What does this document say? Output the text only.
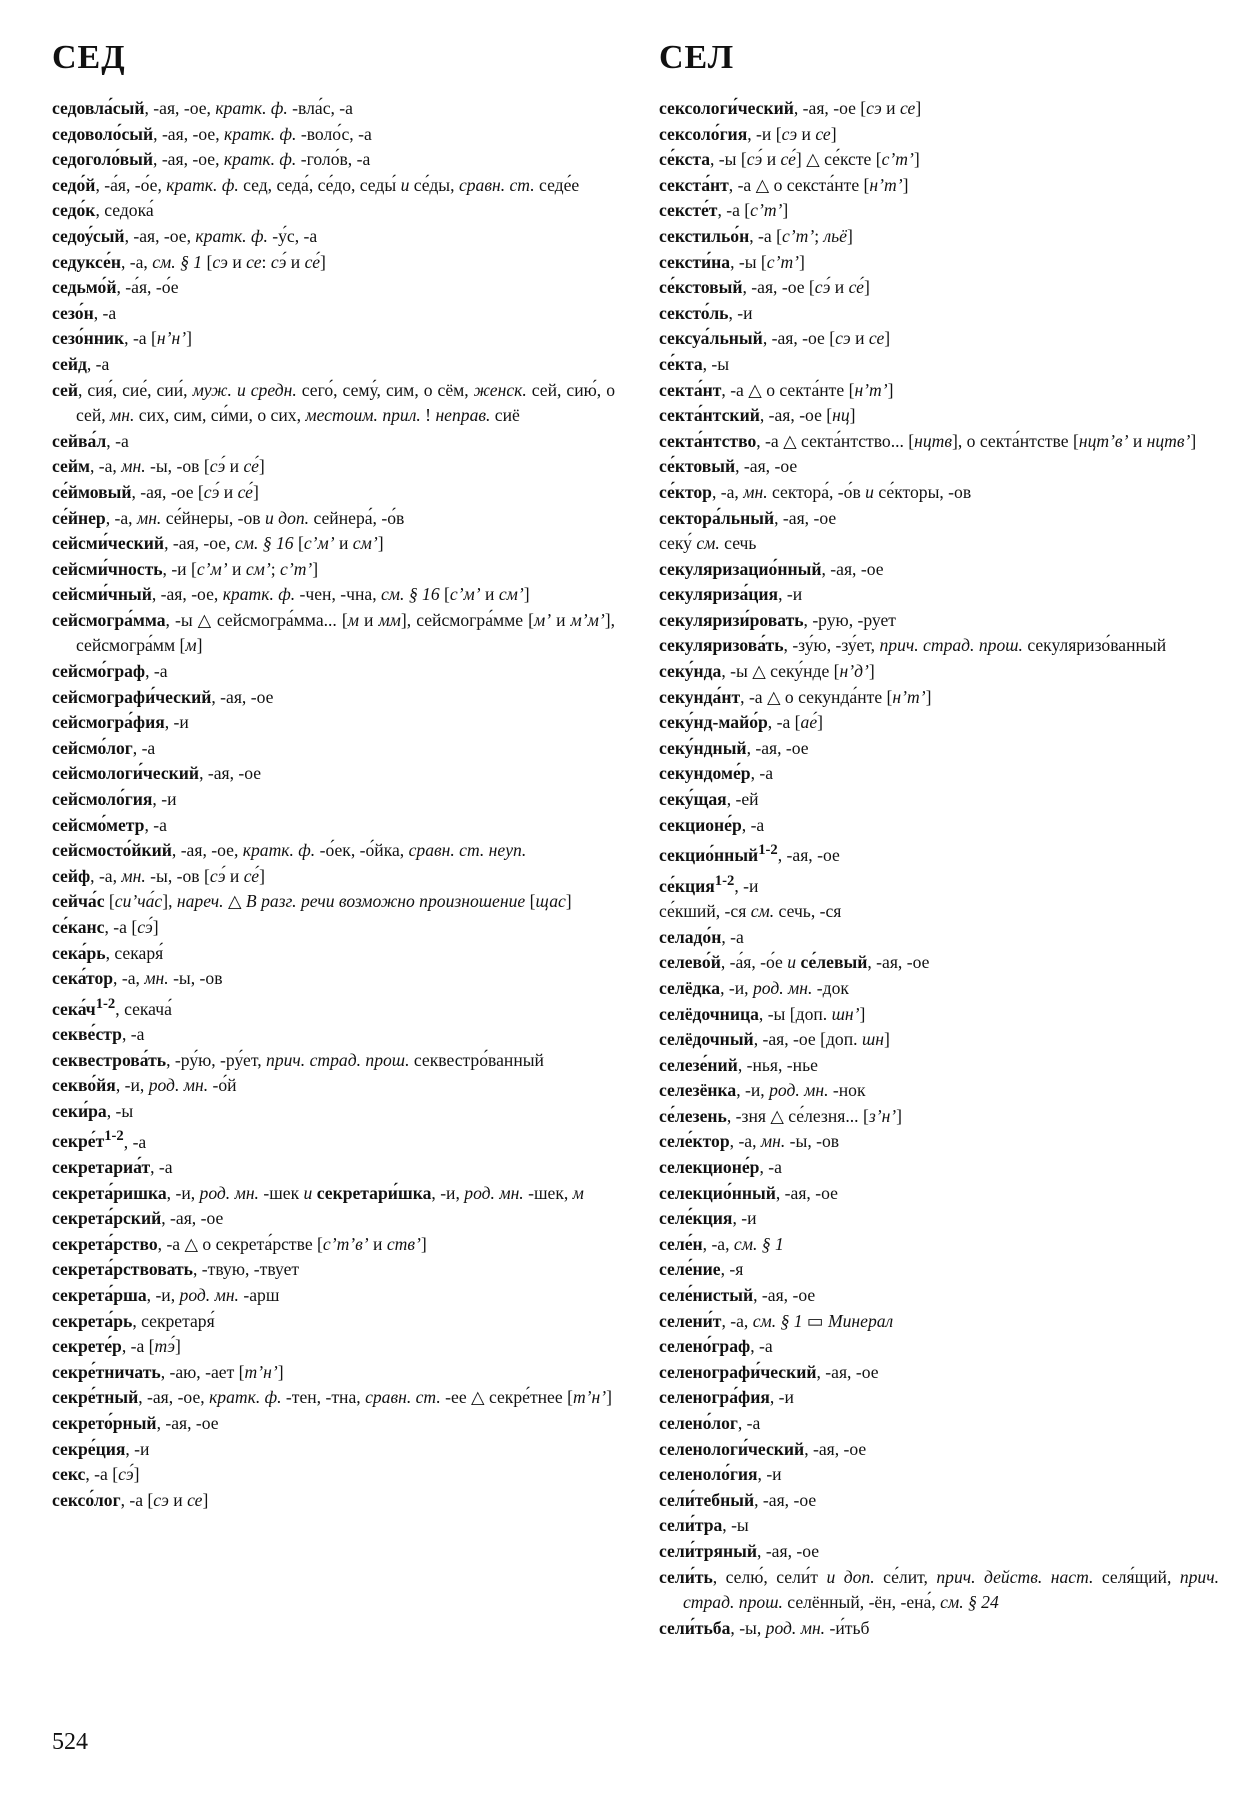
СЕД	СЕЛ

седовла́сый, -ая, -ое, кратк. ф. -вла́с, -а

седоволо́сый, -ая, -ое, кратк. ф. -воло́с, -а

седоголо́вый, -ая, -ое, кратк. ф. -голо́в, -а

седо́й, -а́я, -о́е, кратк. ф. сед, седа́, се́до, седы́ и се́ды, сравн. ст. седе́е

седо́к, седока́

седоу́сый, -ая, -ое, кратк. ф. -у́с, -а

седуксе́н, -а, см. § 1 [сэ и се: сэ́ и се́]

седьмо́й, -а́я, -о́е

сезо́н, -а

сезо́нник, -а [нʼнʼ]

сейд, -а

сей, сия́, сие́, сии́, муж. и средн. сего́, сему́, сим, о сём, женск. сей, сию́, о сей, мн. сих, сим, си́ми, о сих, местоим. прил. ! неправ. сиё

сейва́л, -а

сейм, -а, мн. -ы, -ов [сэ́ и се́]

се́ймовый, -ая, -ое [сэ́ и се́]

се́йнер, -а, мн. се́йнеры, -ов и доп. сейнера́, -о́в

сейсми́ческий, -ая, -ое, см. § 16 [сʼмʼ и смʼ]

сейсми́чность, -и [сʼмʼ и смʼ; сʼтʼ]

сейсми́чный, -ая, -ое, кратк. ф. -чен, -чна, см. § 16 [сʼмʼ и смʼ]

сейсмогра́мма, -ы △ сейсмогра́мма... [м и мм], сейсмогра́мме [мʼ и мʼмʼ], сейсмогра́мм [м]

сейсмо́граф, -а

сейсмографи́ческий, -ая, -ое

сейсмогра́фия, -и

сейсмо́лог, -а

сейсмологи́ческий, -ая, -ое

сейсмоло́гия, -и

сейсмо́метр, -а

сейсмосто́йкий, -ая, -ое, кратк. ф. -о́ек, -о́йка, сравн. ст. неуп.

сейф, -а, мн. -ы, -ов [сэ́ и се́]

сейча́с [сиʼча́с], нареч. △ В разг. речи возможно произношение [щас]

се́канс, -а [сэ́]

сека́рь, секаря́

сека́тор, -а, мн. -ы, -ов

$сека́ч^{1-2}$, секача́

секве́стр, -а

секвестрова́ть, -ру́ю, -ру́ет, прич. страд. прош. секвестро́ванный

секво́йя, -и, род. мн. -о́й

секи́ра, -ы

$секре́т^{1-2}$, -а

секретариа́т, -а

секрета́ришка, -и, род. мн. -шек и секретари́шка, -и, род. мн. -шек, м

секрета́рский, -ая, -ое

секрета́рство, -а △ о секрета́рстве [сʼтʼвʼ и ствʼ]

секрета́рствовать, -твую, -твует

секрета́рша, -и, род. мн. -арш

секрета́рь, секретаря́

секрете́р, -а [тэ́]

секре́тничать, -аю, -ает [тʼнʼ]

секре́тный, -ая, -ое, кратк. ф. -тен, -тна, сравн. ст. -ее △ секре́тнее [тʼнʼ]

секрето́рный, -ая, -ое

секре́ция, -и

секс, -а [сэ́]

сексо́лог, -а [сэ и се]

сексологи́ческий, -ая, -ое [сэ и се]

сексоло́гия, -и [сэ и се]

се́кста, -ы [сэ́ и се́] △ се́ксте [сʼтʼ]

секста́нт, -а △ о секста́нте [нʼтʼ]

сексте́т, -а [сʼтʼ]

секстильо́н, -а [сʼтʼ; льё]

сексти́на, -ы [сʼтʼ]

се́кстовый, -ая, -ое [сэ́ и се́]

сексто́ль, -и

сексуа́льный, -ая, -ое [сэ и се]

се́кта, -ы

секта́нт, -а △ о секта́нте [нʼтʼ]

секта́нтский, -ая, -ое [нц]

секта́нтство, -а △ секта́нтство... [нцтв], о секта́нтстве [нцтʼвʼ и нцтвʼ]

се́ктовый, -ая, -ое

се́ктор, -а, мн. сектора́, -о́в и се́кторы, -ов

сектора́льный, -ая, -ое

секу́ см. сечь

секуляризацио́нный, -ая, -ое

секуляриза́ция, -и

секуляризи́ровать, -рую, -рует

секуляризова́ть, -зу́ю, -зу́ет, прич. страд. прош. секуляризо́ванный

секу́нда, -ы △ секу́нде [нʼдʼ]

секунда́нт, -а △ о секунда́нте [нʼтʼ]

секу́нд-майо́р, -а [ае́]

секу́ндный, -ая, -ое

секундоме́р, -а

секу́щая, -ей

секционе́р, -а

секцио́нный$^{1-2}$, -ая, -ое

се́кция$^{1-2}$, -и

се́кший, -ся см. сечь, -ся

селадо́н, -а

селево́й, -а́я, -о́е и се́левый, -ая, -ое

селёдка, -и, род. мн. -док

селёдочница, -ы [доп. шнʼ]

селёдочный, -ая, -ое [доп. шн]

селезе́ний, -нья, -нье

селезёнка, -и, род. мн. -нок

се́лезень, -зня △ се́лезня... [зʼнʼ]

селе́ктор, -а, мн. -ы, -ов

селекционе́р, -а

селекцио́нный, -ая, -ое

селе́кция, -и

селе́н, -а, см. § 1

селе́ние, -я

селе́нистый, -ая, -ое

селени́т, -а, см. § 1 ▭ Минерал

селено́граф, -а

селенографи́ческий, -ая, -ое

селеногра́фия, -и

селено́лог, -а

селенологи́ческий, -ая, -ое

селеноло́гия, -и

сели́тебный, -ая, -ое

сели́тра, -ы

сели́тряный, -ая, -ое

сели́ть, селю́, сели́т и доп. се́лит, прич. действ. наст. селя́щий, прич. страд. прош. селённый, -ён, -ена́, см. § 24

сели́тьба, -ы, род. мн. -и́тьб

524
